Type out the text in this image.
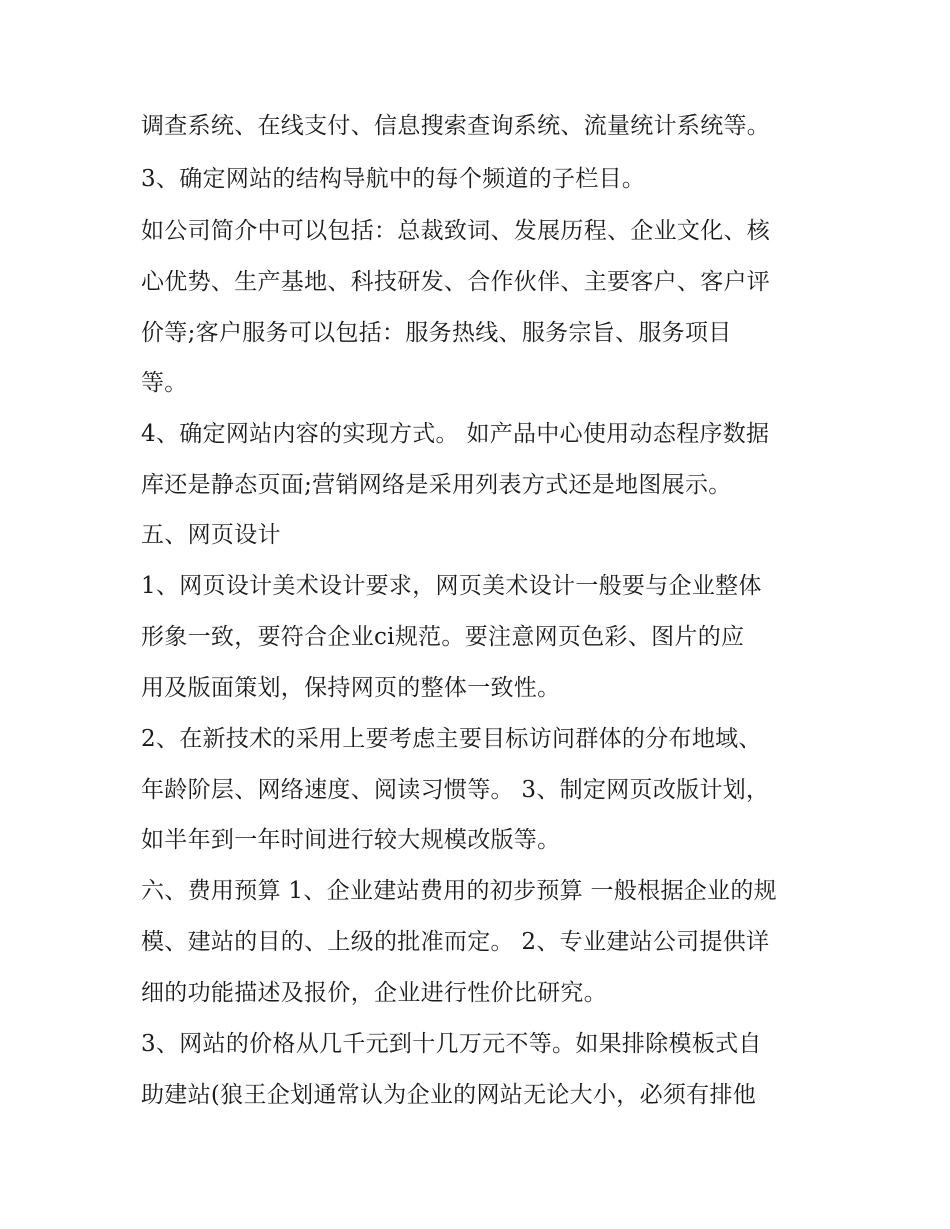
调查系统、在线支付、信息搜索查询系统、流量统计系统等。
3、确定网站的结构导航中的每个频道的子栏目。
如公司简介中可以包括：总裁致词、发展历程、企业文化、核
心优势、生产基地、科技研发、合作伙伴、主要客户、客户评
价等;客户服务可以包括：服务热线、服务宗旨、服务项目
等。
4、确定网站内容的实现方式。 如产品中心使用动态程序数据
库还是静态页面;营销网络是采用列表方式还是地图展示。
五、网页设计
1、网页设计美术设计要求，网页美术设计一般要与企业整体
形象一致，要符合企业ci规范。要注意网页色彩、图片的应
用及版面策划，保持网页的整体一致性。
2、在新技术的采用上要考虑主要目标访问群体的分布地域、
年龄阶层、网络速度、阅读习惯等。 3、制定网页改版计划，
如半年到一年时间进行较大规模改版等。
六、费用预算 1、企业建站费用的初步预算 一般根据企业的规
模、建站的目的、上级的批准而定。 2、专业建站公司提供详
细的功能描述及报价，企业进行性价比研究。
3、网站的价格从几千元到十几万元不等。如果排除模板式自
助建站(狼王企划通常认为企业的网站无论大小，必须有排他
